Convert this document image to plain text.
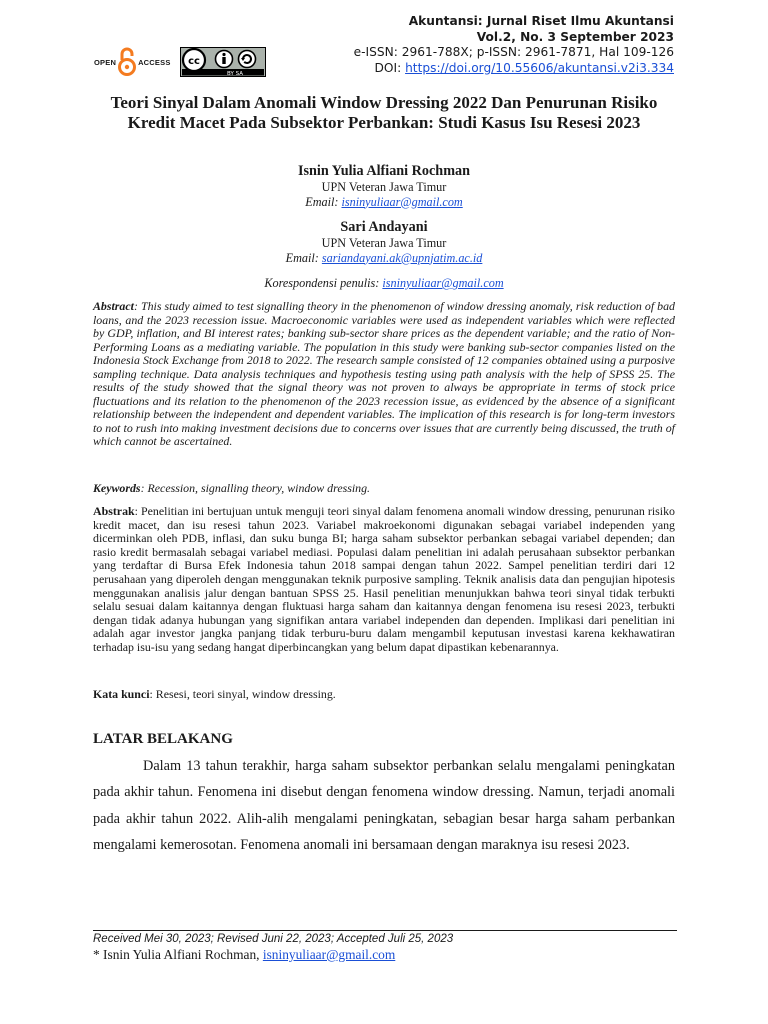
Akuntansi: Jurnal Riset Ilmu Akuntansi
Vol.2, No. 3 September 2023
e-ISSN: 2961-788X; p-ISSN: 2961-7871, Hal 109-126
DOI: https://doi.org/10.55606/akuntansi.v2i3.334
OPEN	ACCESS cc
BY SA
Teori Sinyal Dalam Anomali Window Dressing 2022 Dan Penurunan Risiko Kredit Macet Pada Subsektor Perbankan: Studi Kasus Isu Resesi 2023
Isnin Yulia Alfiani Rochman
UPN Veteran Jawa Timur
Email: isninyuliaar@gmail.com
Sari Andayani
UPN Veteran Jawa Timur
Email: sariandayani.ak@upnjatim.ac.id
Korespondensi penulis: isninyuliaar@gmail.com
Abstract: This study aimed to test signalling theory in the phenomenon of window dressing anomaly, risk reduction of bad loans, and the 2023 recession issue. Macroeconomic variables were used as independent variables which were reflected by GDP, inflation, and BI interest rates; banking sub-sector share prices as the dependent variable; and the ratio of Non-Performing Loans as a mediating variable. The population in this study were banking sub-sector companies listed on the Indonesia Stock Exchange from 2018 to 2022. The research sample consisted of 12 companies obtained using a purposive sampling technique. Data analysis techniques and hypothesis testing using path analysis with the help of SPSS 25. The results of the study showed that the signal theory was not proven to always be appropriate in terms of stock price fluctuations and its relation to the phenomenon of the 2023 recession issue, as evidenced by the absence of a significant relationship between the independent and dependent variables. The implication of this research is for long-term investors to not to rush into making investment decisions due to concerns over issues that are currently being discussed, the truth of which cannot be ascertained.
Keywords: Recession, signalling theory, window dressing.
Abstrak: Penelitian ini bertujuan untuk menguji teori sinyal dalam fenomena anomali window dressing, penurunan risiko kredit macet, dan isu resesi tahun 2023. Variabel makroekonomi digunakan sebagai variabel independen yang dicerminkan oleh PDB, inflasi, dan suku bunga BI; harga saham subsektor perbankan sebagai variabel dependen; dan rasio kredit bermasalah sebagai variabel mediasi. Populasi dalam penelitian ini adalah perusahaan subsektor perbankan yang terdaftar di Bursa Efek Indonesia tahun 2018 sampai dengan tahun 2022. Sampel penelitian terdiri dari 12 perusahaan yang diperoleh dengan menggunakan teknik purposive sampling. Teknik analisis data dan pengujian hipotesis menggunakan analisis jalur dengan bantuan SPSS 25. Hasil penelitian menunjukkan bahwa teori sinyal tidak terbukti selalu sesuai dalam kaitannya dengan fluktuasi harga saham dan kaitannya dengan fenomena isu resesi 2023, terbukti dengan tidak adanya hubungan yang signifikan antara variabel independen dan dependen. Implikasi dari penelitian ini adalah agar investor jangka panjang tidak terburu-buru dalam mengambil keputusan investasi karena kekhawatiran terhadap isu-isu yang sedang hangat diperbincangkan yang belum dapat dipastikan kebenarannya.
Kata kunci: Resesi, teori sinyal, window dressing.
LATAR BELAKANG
Dalam 13 tahun terakhir, harga saham subsektor perbankan selalu mengalami peningkatan pada akhir tahun. Fenomena ini disebut dengan fenomena window dressing. Namun, terjadi anomali pada akhir tahun 2022. Alih-alih mengalami peningkatan, sebagian besar harga saham perbankan mengalami kemerosotan. Fenomena anomali ini bersamaan dengan maraknya isu resesi 2023.
Received Mei 30, 2023; Revised Juni 22, 2023; Accepted Juli 25, 2023
* Isnin Yulia Alfiani Rochman, isninyuliaar@gmail.com
